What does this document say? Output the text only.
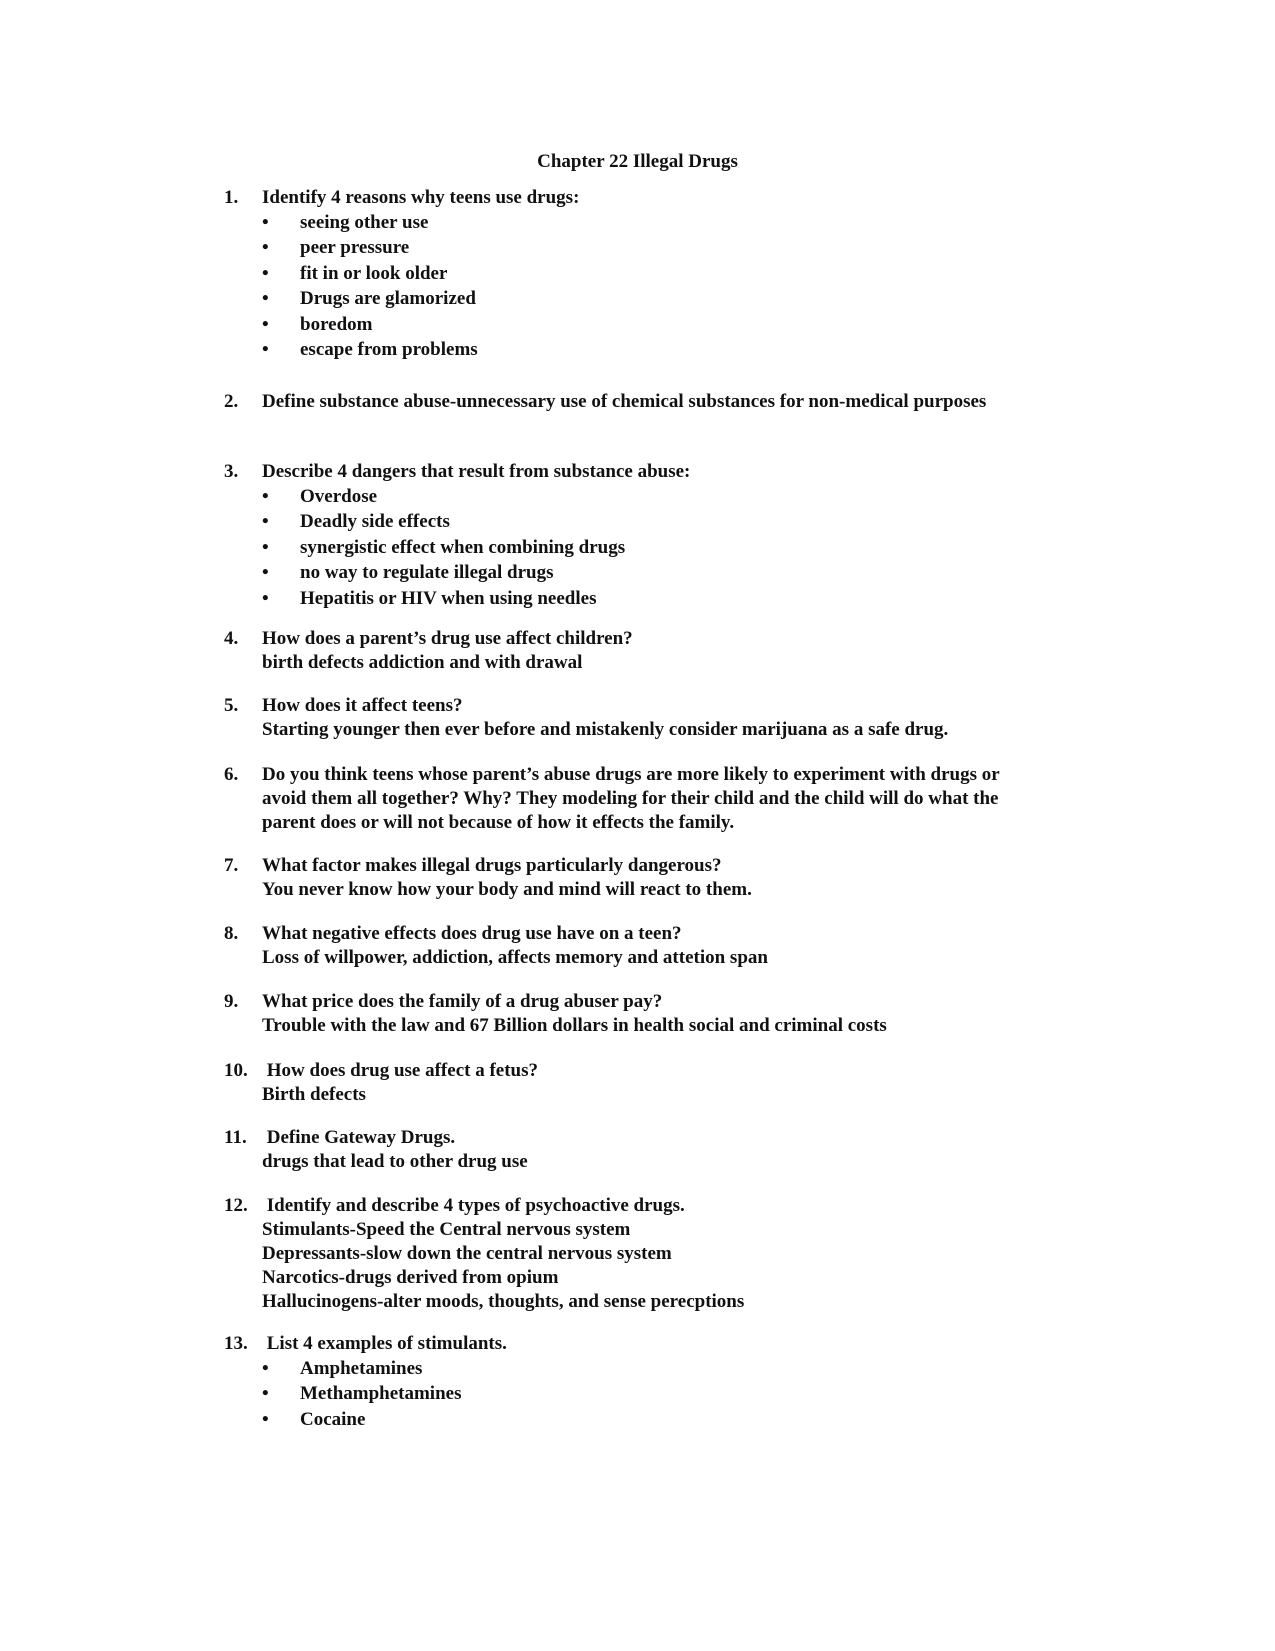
Chapter 22 Illegal Drugs
1. Identify 4 reasons why teens use drugs:
• seeing other use
• peer pressure
• fit in or look older
• Drugs are glamorized
• boredom
• escape from problems
2. Define substance abuse-unnecessary use of chemical substances for non-medical purposes
3. Describe 4 dangers that result from substance abuse:
• Overdose
• Deadly side effects
• synergistic effect when combining drugs
• no way to regulate illegal drugs
• Hepatitis or HIV when using needles
4. How does a parent’s drug use affect children?
birth defects addiction and with drawal
5. How does it affect teens?
Starting younger then ever before and mistakenly consider marijuana as a safe drug.
6. Do you think teens whose parent’s abuse drugs are more likely to experiment with drugs or
avoid them all together? Why? They modeling for their child and the child will do what the
parent does or will not because of how it effects the family.
7. What factor makes illegal drugs particularly dangerous?
You never know how your body and mind will react to them.
8. What negative effects does drug use have on a teen?
Loss of willpower, addiction, affects memory and attetion span
9. What price does the family of a drug abuser pay?
Trouble with the law and 67 Billion dollars in health social and criminal costs
10. How does drug use affect a fetus?
Birth defects
11. Define Gateway Drugs.
drugs that lead to other drug use
12. Identify and describe 4 types of psychoactive drugs.
Stimulants-Speed the Central nervous system
Depressants-slow down the central nervous system
Narcotics-drugs derived from opium
Hallucinogens-alter moods, thoughts, and sense perecptions
13. List 4 examples of stimulants.
• Amphetamines
• Methamphetamines
• Cocaine
